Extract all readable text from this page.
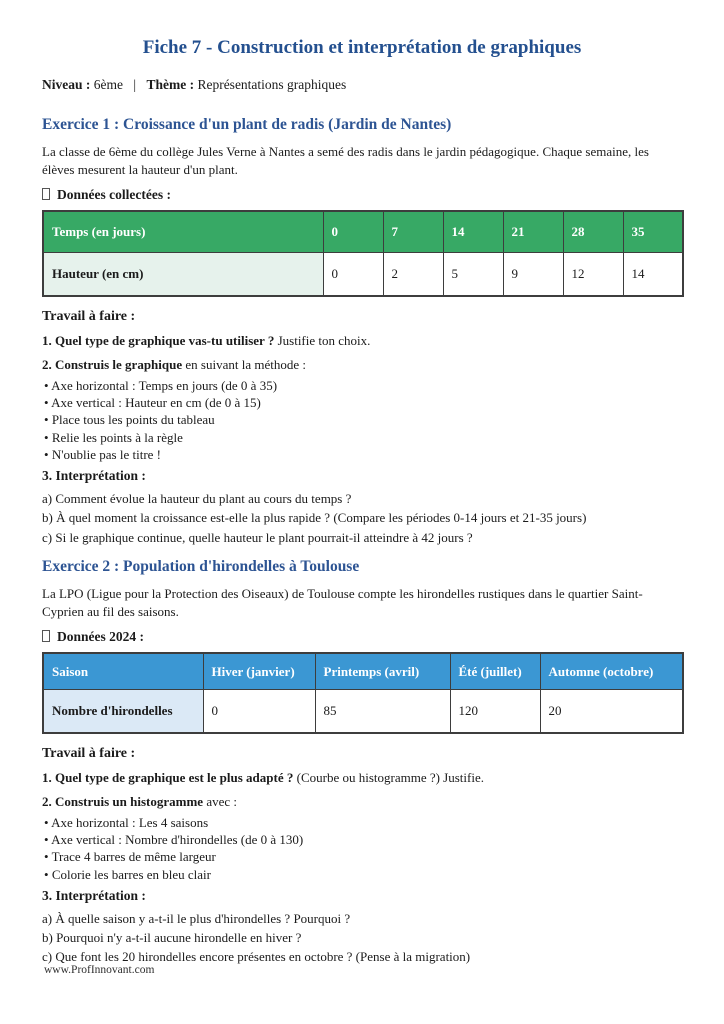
Fiche 7 - Construction et interprétation de graphiques

Niveau : 6ème | Thème : Représentations graphiques

Exercice 1 : Croissance d'un plant de radis (Jardin de Nantes)

La classe de 6ème du collège Jules Verne à Nantes a semé des radis dans le jardin pédagogique. Chaque semaine, les élèves mesurent la hauteur d'un plant.

Données collectées :

Temps (en jours)	0	7	14	21	28	35
Hauteur (en cm)	0	2	5	9	12	14

Travail à faire :

1. Quel type de graphique vas-tu utiliser ? Justifie ton choix.

2. Construis le graphique en suivant la méthode :

• Axe horizontal : Temps en jours (de 0 à 35)
• Axe vertical : Hauteur en cm (de 0 à 15)
• Place tous les points du tableau
• Relie les points à la règle
• N'oublie pas le titre !

3. Interprétation :

a) Comment évolue la hauteur du plant au cours du temps ?

b) À quel moment la croissance est-elle la plus rapide ? (Compare les périodes 0-14 jours et 21-35 jours)

c) Si le graphique continue, quelle hauteur le plant pourrait-il atteindre à 42 jours ?

Exercice 2 : Population d'hirondelles à Toulouse

La LPO (Ligue pour la Protection des Oiseaux) de Toulouse compte les hirondelles rustiques dans le quartier Saint-Cyprien au fil des saisons.

Données 2024 :

Saison	Hiver (janvier)	Printemps (avril)	Été (juillet)	Automne (octobre)
Nombre d'hirondelles	0	85	120	20

Travail à faire :

1. Quel type de graphique est le plus adapté ? (Courbe ou histogramme ?) Justifie.

2. Construis un histogramme avec :

• Axe horizontal : Les 4 saisons
• Axe vertical : Nombre d'hirondelles (de 0 à 130)
• Trace 4 barres de même largeur
• Colorie les barres en bleu clair

3. Interprétation :

a) À quelle saison y a-t-il le plus d'hirondelles ? Pourquoi ?

b) Pourquoi n'y a-t-il aucune hirondelle en hiver ?

c) Que font les 20 hirondelles encore présentes en octobre ? (Pense à la migration)

www.ProfInnovant.com
